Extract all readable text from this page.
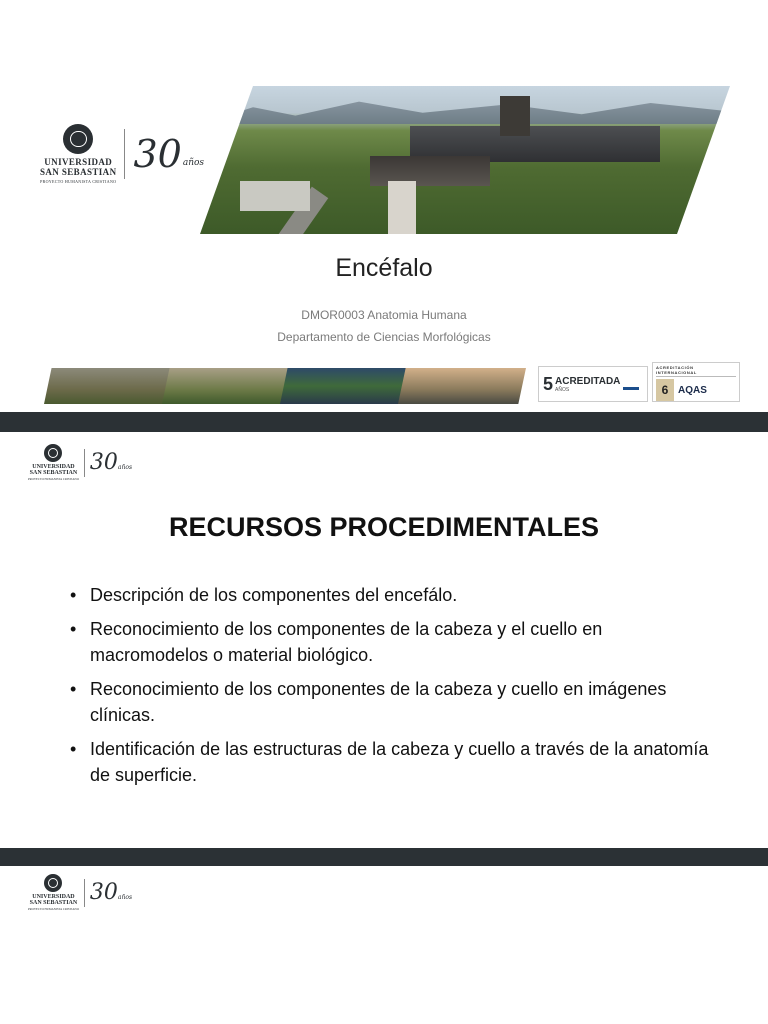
UNIVERSIDAD
SAN SEBASTIAN
PROYECTO HUMANISTA CRISTIANO
30 años
Encéfalo
DMOR0003 Anatomia Humana
Departamento de Ciencias Morfológicas
5 ACREDITADA
AÑOS
ACREDITACIÓN INTERNACIONAL
6 AQAS
UNIVERSIDAD
SAN SEBASTIAN
PROYECTO HUMANISTA CRISTIANO
30 años
RECURSOS PROCEDIMENTALES
• Descripción de los componentes del encefálo.
• Reconocimiento de los componentes de la cabeza y el cuello en macromodelos o material biológico.
• Reconocimiento de los componentes de la cabeza y cuello en imágenes clínicas.
• Identificación de las estructuras de la cabeza y cuello a través de la anatomía de superficie.
UNIVERSIDAD
SAN SEBASTIAN
PROYECTO HUMANISTA CRISTIANO
30 años
